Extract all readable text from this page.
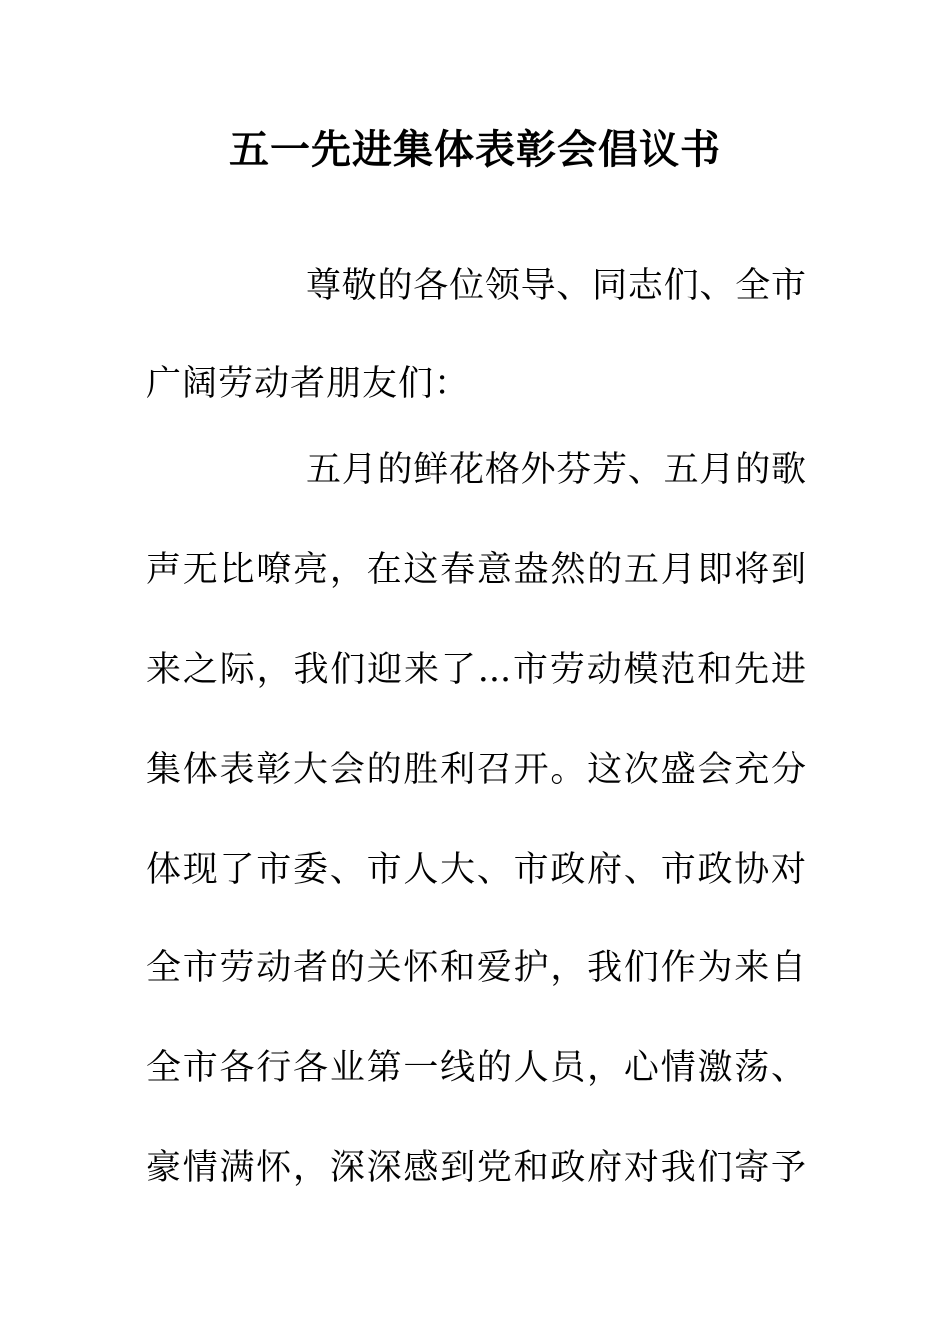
五一先进集体表彰会倡议书
尊敬的各位领导、同志们、全市
广阔劳动者朋友们：
五月的鲜花格外芬芳、五月的歌
声无比嘹亮，在这春意盎然的五月即将到
来之际，我们迎来了...市劳动模范和先进
集体表彰大会的胜利召开。这次盛会充分
体现了市委、市人大、市政府、市政协对
全市劳动者的关怀和爱护，我们作为来自
全市各行各业第一线的人员，心情激荡、
豪情满怀，深深感到党和政府对我们寄予
